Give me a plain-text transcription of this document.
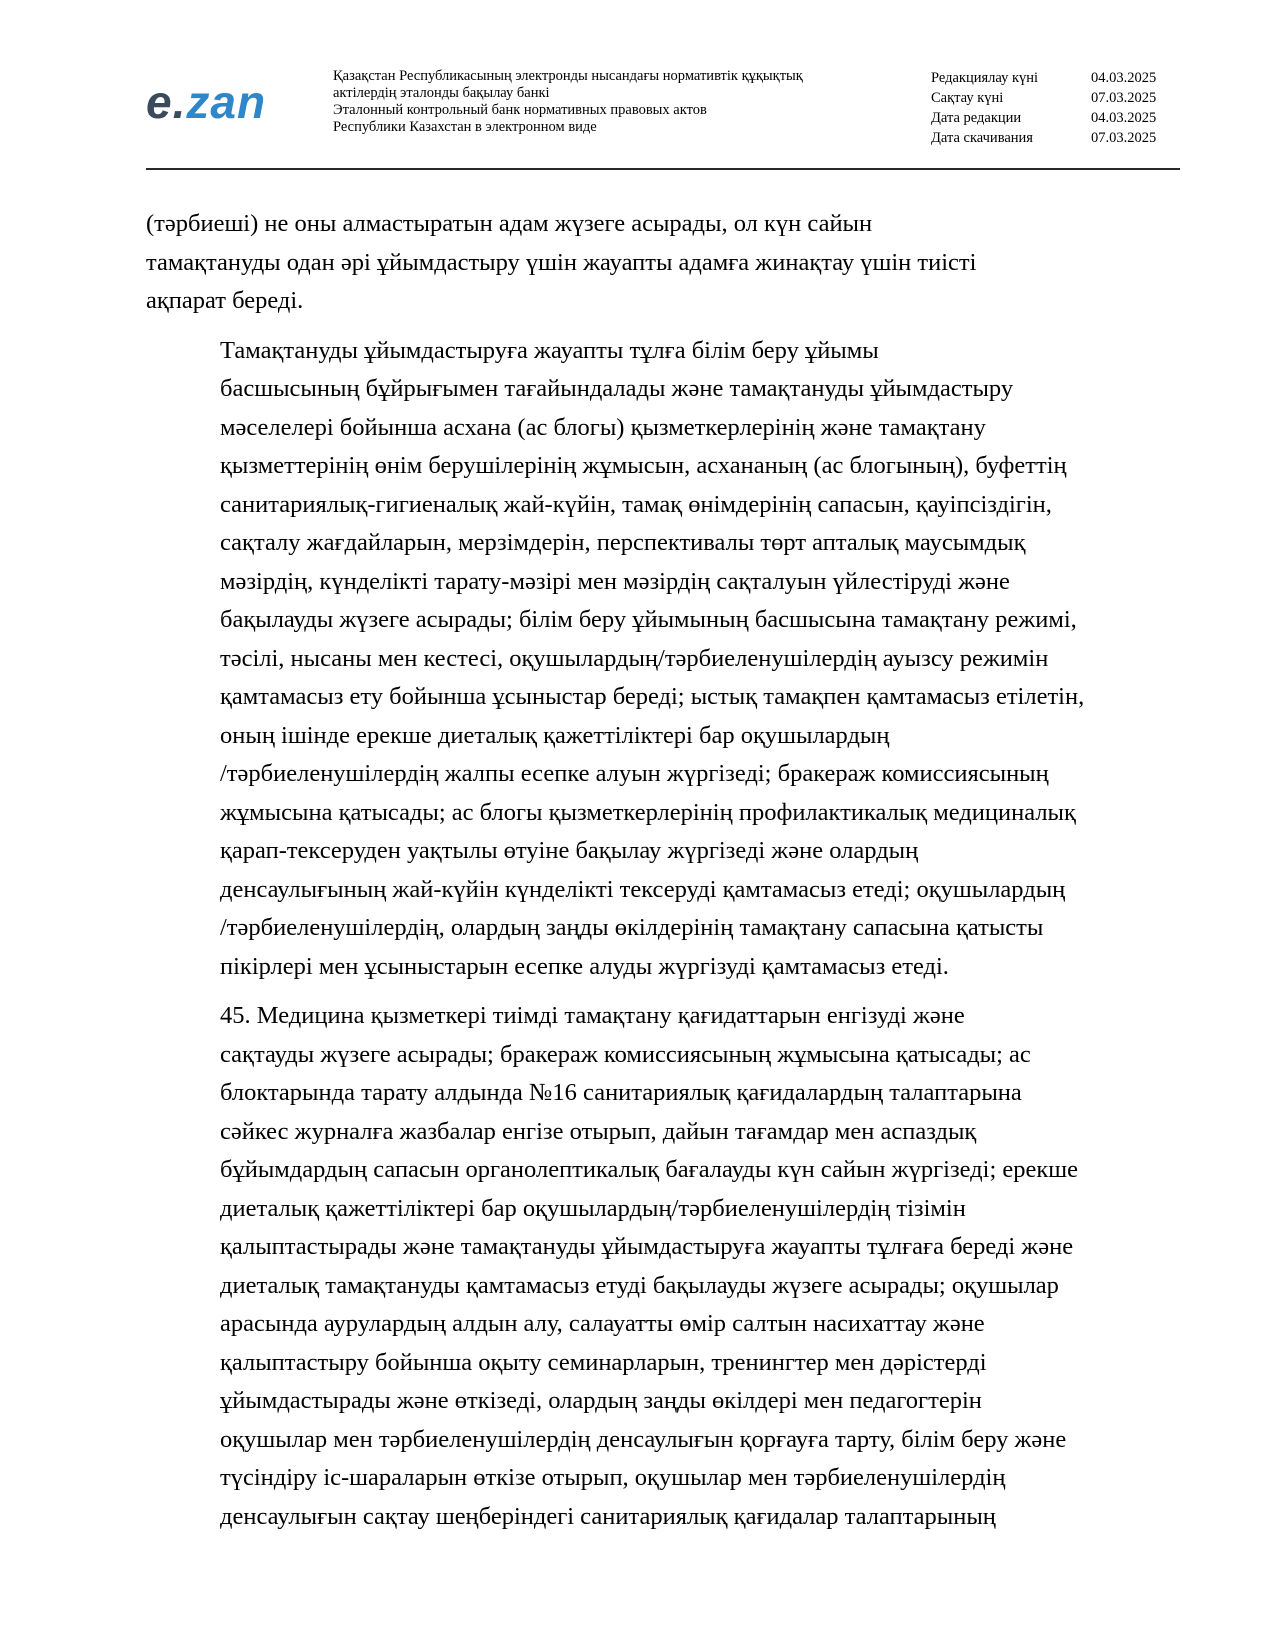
e.zan	Қазақстан Республикасының электронды нысандағы нормативтік құқықтық
актілердің эталонды бақылау банкі
Эталонный контрольный банк нормативных правовых актов
Республики Казахстан в электронном виде
Редакциялау күні	04.03.2025
Сақтау күні	07.03.2025
Дата редакции	04.03.2025
Дата скачивания	07.03.2025

(тәрбиеші) не оны алмастыратын адам жүзеге асырады, ол күн сайын
тамақтануды одан әрі ұйымдастыру үшін жауапты адамға жинақтау үшін тиісті
ақпарат береді.

Тамақтануды ұйымдастыруға жауапты тұлға білім беру ұйымы
басшысының бұйрығымен тағайындалады және тамақтануды ұйымдастыру
мәселелері бойынша асхана (ас блогы) қызметкерлерінің және тамақтану
қызметтерінің өнім берушілерінің жұмысын, асхананың (ас блогының), буфеттің
санитариялық-гигиеналық жай-күйін, тамақ өнімдерінің сапасын, қауіпсіздігін,
сақталу жағдайларын, мерзімдерін, перспективалы төрт апталық маусымдық
мәзірдің, күнделікті тарату-мәзірі мен мәзірдің сақталуын үйлестіруді және
бақылауды жүзеге асырады; білім беру ұйымының басшысына тамақтану режимі,
тәсілі, нысаны мен кестесі, оқушылардың/тәрбиеленушілердің ауызсу режимін
қамтамасыз ету бойынша ұсыныстар береді; ыстық тамақпен қамтамасыз етілетін,
оның ішінде ерекше диеталық қажеттіліктері бар оқушылардың
/тәрбиеленушілердің жалпы есепке алуын жүргізеді; бракераж комиссиясының
жұмысына қатысады; ас блогы қызметкерлерінің профилактикалық медициналық
қарап-тексеруден уақтылы өтуіне бақылау жүргізеді және олардың
денсаулығының жай-күйін күнделікті тексеруді қамтамасыз етеді; оқушылардың
/тәрбиеленушілердің, олардың заңды өкілдерінің тамақтану сапасына қатысты
пікірлері мен ұсыныстарын есепке алуды жүргізуді қамтамасыз етеді.

45. Медицина қызметкері тиімді тамақтану қағидаттарын енгізуді және
сақтауды жүзеге асырады; бракераж комиссиясының жұмысына қатысады; ас
блоктарында тарату алдында №16 санитариялық қағидалардың талаптарына
сәйкес журналға жазбалар енгізе отырып, дайын тағамдар мен аспаздық
бұйымдардың сапасын органолептикалық бағалауды күн сайын жүргізеді; ерекше
диеталық қажеттіліктері бар оқушылардың/тәрбиеленушілердің тізімін
қалыптастырады және тамақтануды ұйымдастыруға жауапты тұлғаға береді және
диеталық тамақтануды қамтамасыз етуді бақылауды жүзеге асырады; оқушылар
арасында аурулардың алдын алу, салауатты өмір салтын насихаттау және
қалыптастыру бойынша оқыту семинарларын, тренингтер мен дәрістерді
ұйымдастырады және өткізеді, олардың заңды өкілдері мен педагогтерін
оқушылар мен тәрбиеленушілердің денсаулығын қорғауға тарту, білім беру және
түсіндіру іс-шараларын өткізе отырып, оқушылар мен тәрбиеленушілердің
денсаулығын сақтау шеңберіндегі санитариялық қағидалар талаптарының
